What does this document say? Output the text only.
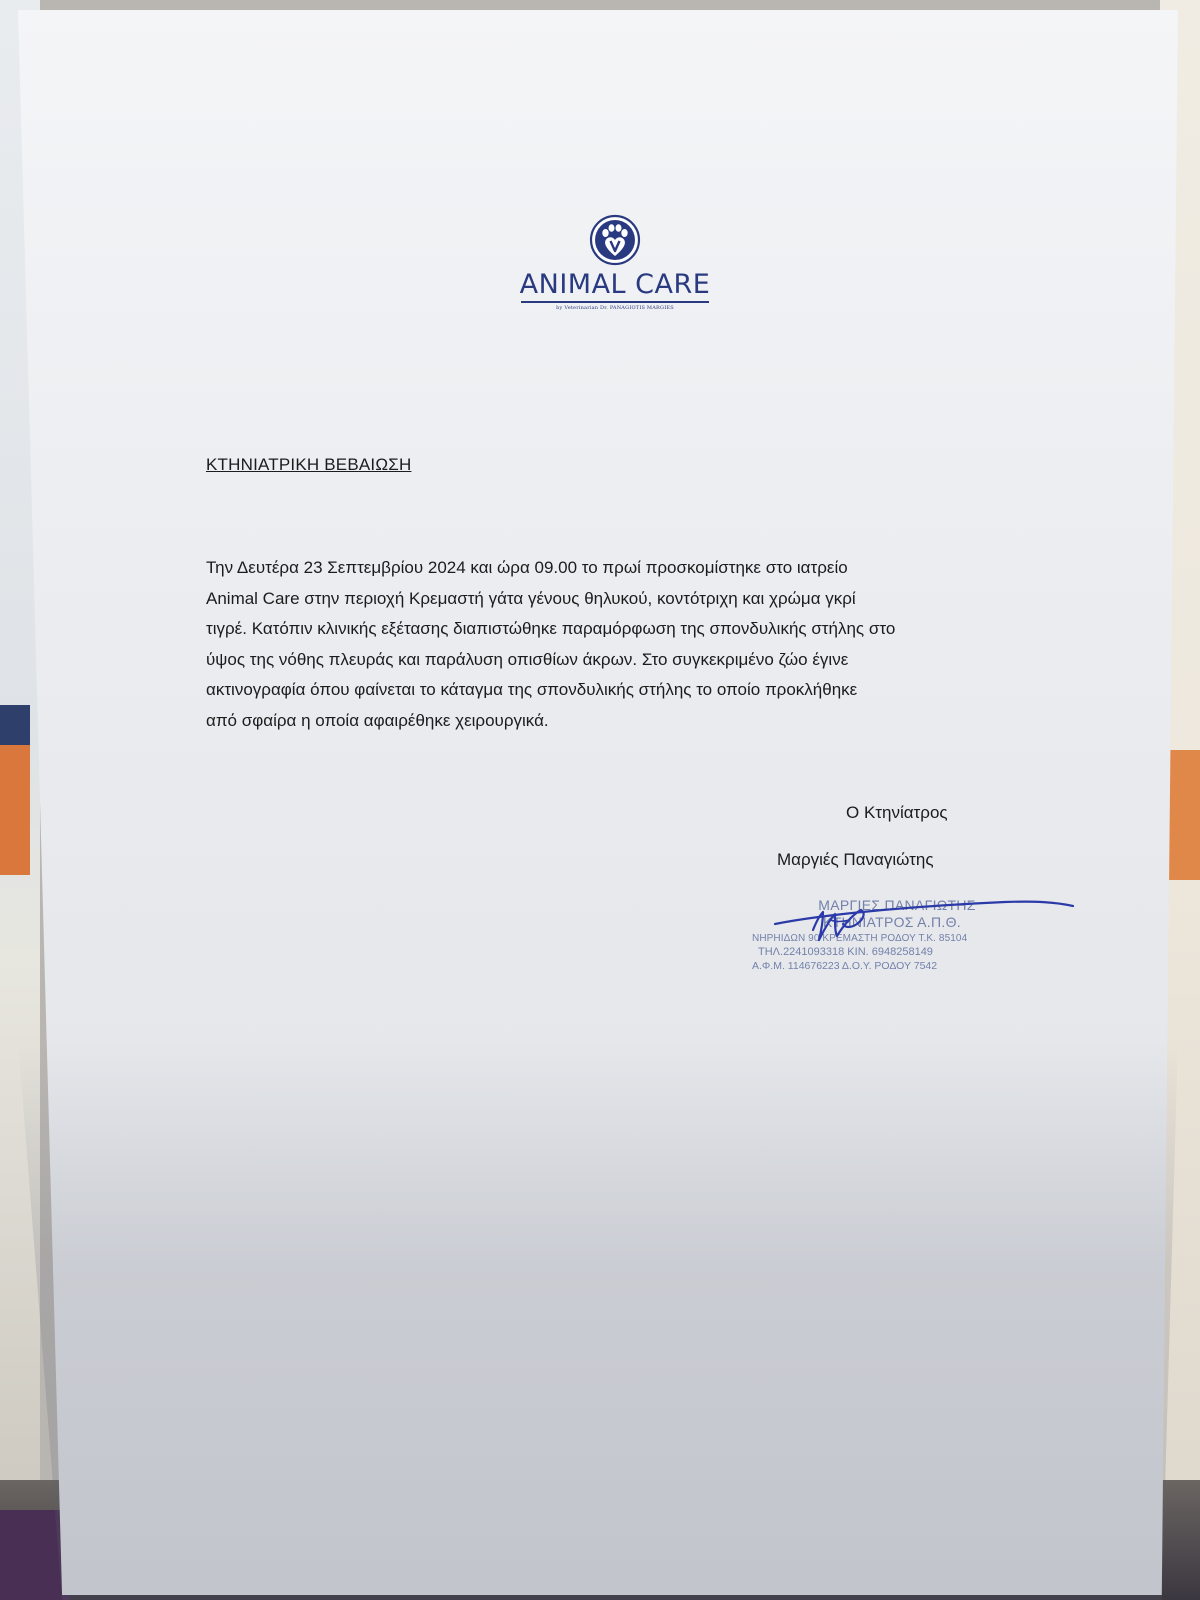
ANIMAL CARE
by Veterinarian Dr. PANAGIOTIS MARGIES
ΚΤΗΝΙΑΤΡΙΚΗ ΒΕΒΑΙΩΣΗ
Την Δευτέρα 23 Σεπτεμβρίου 2024 και ώρα 09.00 το πρωί προσκομίστηκε στο ιατρείο
Animal Care στην περιοχή Κρεμαστή γάτα γένους θηλυκού, κοντότριχη και χρώμα γκρί
τιγρέ. Κατόπιν κλινικής εξέτασης διαπιστώθηκε παραμόρφωση της σπονδυλικής στήλης στο
ύψος της νόθης πλευράς και παράλυση οπισθίων άκρων. Στο συγκεκριμένο ζώο έγινε
ακτινογραφία όπου φαίνεται το κάταγμα της σπονδυλικής στήλης το οποίο προκλήθηκε
από σφαίρα η οποία αφαιρέθηκε χειρουργικά.
Ο Κτηνίατρος
Μαργιές Παναγιώτης
ΜΑΡΓΙΕΣ ΠΑΝΑΓΙΩΤΗΣ
ΚΤΗΝΙΑΤΡΟΣ Α.Π.Θ.
ΝΗΡΗΙΔΩΝ 90 ΚΡΕΜΑΣΤΗ ΡΟΔΟΥ Τ.Κ. 85104
ΤΗΛ.2241093318 ΚΙΝ. 6948258149
Α.Φ.Μ. 114676223 Δ.Ο.Υ. ΡΟΔΟΥ 7542
